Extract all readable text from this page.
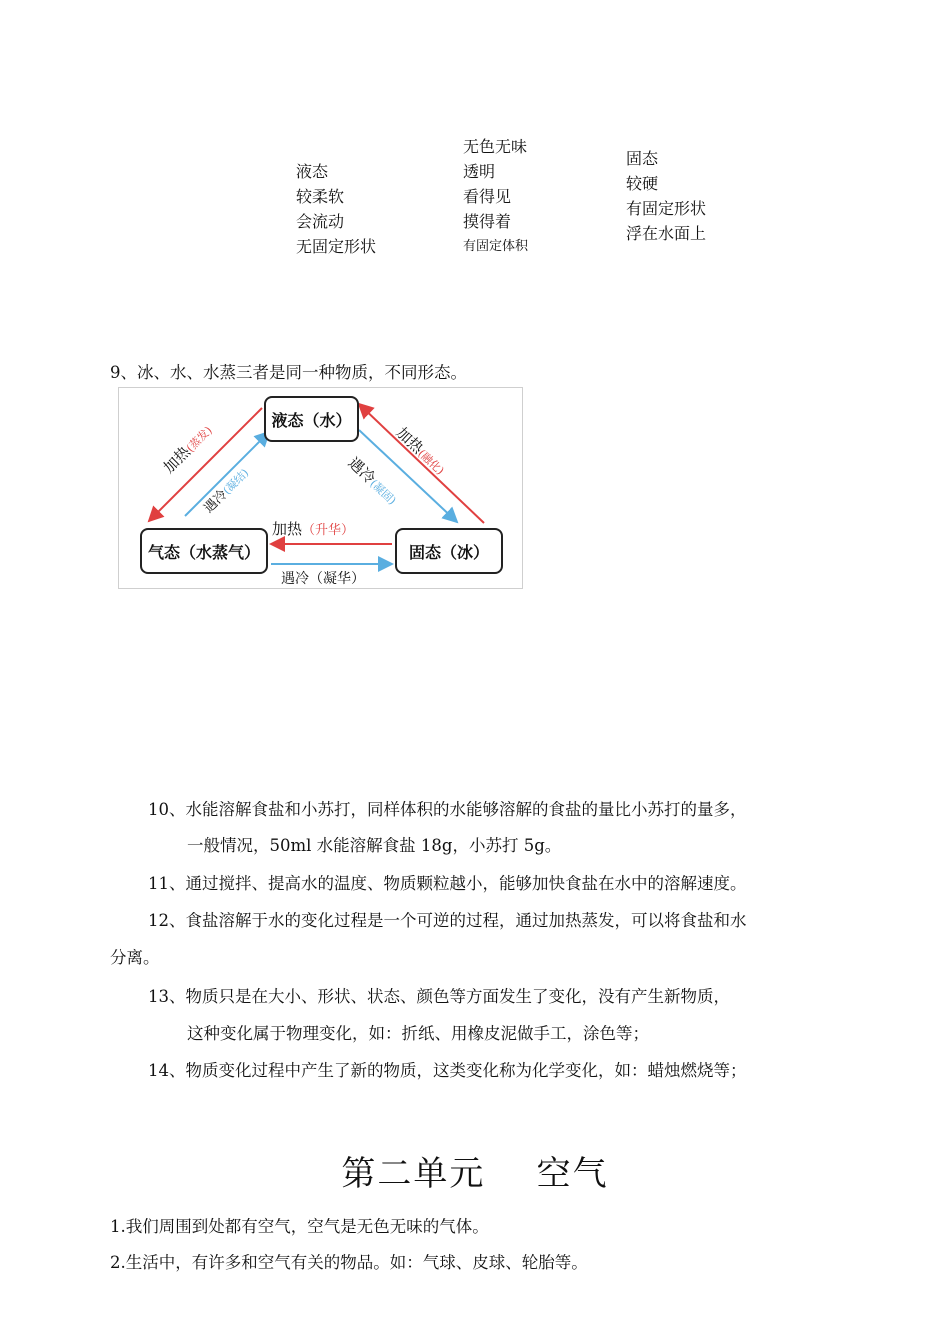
液态
较柔软
会流动
无固定形状
无色无味
透明
看得见
摸得着
有固定体积
固态
较硬
有固定形状
浮在水面上
9、冰、水、水蒸三者是同一种物质，不同形态。
液态（水）
气态（水蒸气）	固态（冰）
加热(蒸发)
遇冷(凝结)	遇冷(凝固)
加热(融化)
加热（升华）
遇冷（凝华）
10、水能溶解食盐和小苏打，同样体积的水能够溶解的食盐的量比小苏打的量多，
一般情况，50ml 水能溶解食盐 18g，小苏打 5g。
11、通过搅拌、提高水的温度、物质颗粒越小，能够加快食盐在水中的溶解速度。
12、食盐溶解于水的变化过程是一个可逆的过程，通过加热蒸发，可以将食盐和水
分离。
13、物质只是在大小、形状、状态、颜色等方面发生了变化，没有产生新物质，
这种变化属于物理变化，如：折纸、用橡皮泥做手工，涂色等；
14、物质变化过程中产生了新的物质，这类变化称为化学变化，如：蜡烛燃烧等；
第二单元    空气
1.我们周围到处都有空气，空气是无色无味的气体。
2.生活中，有许多和空气有关的物品。如：气球、皮球、轮胎等。
